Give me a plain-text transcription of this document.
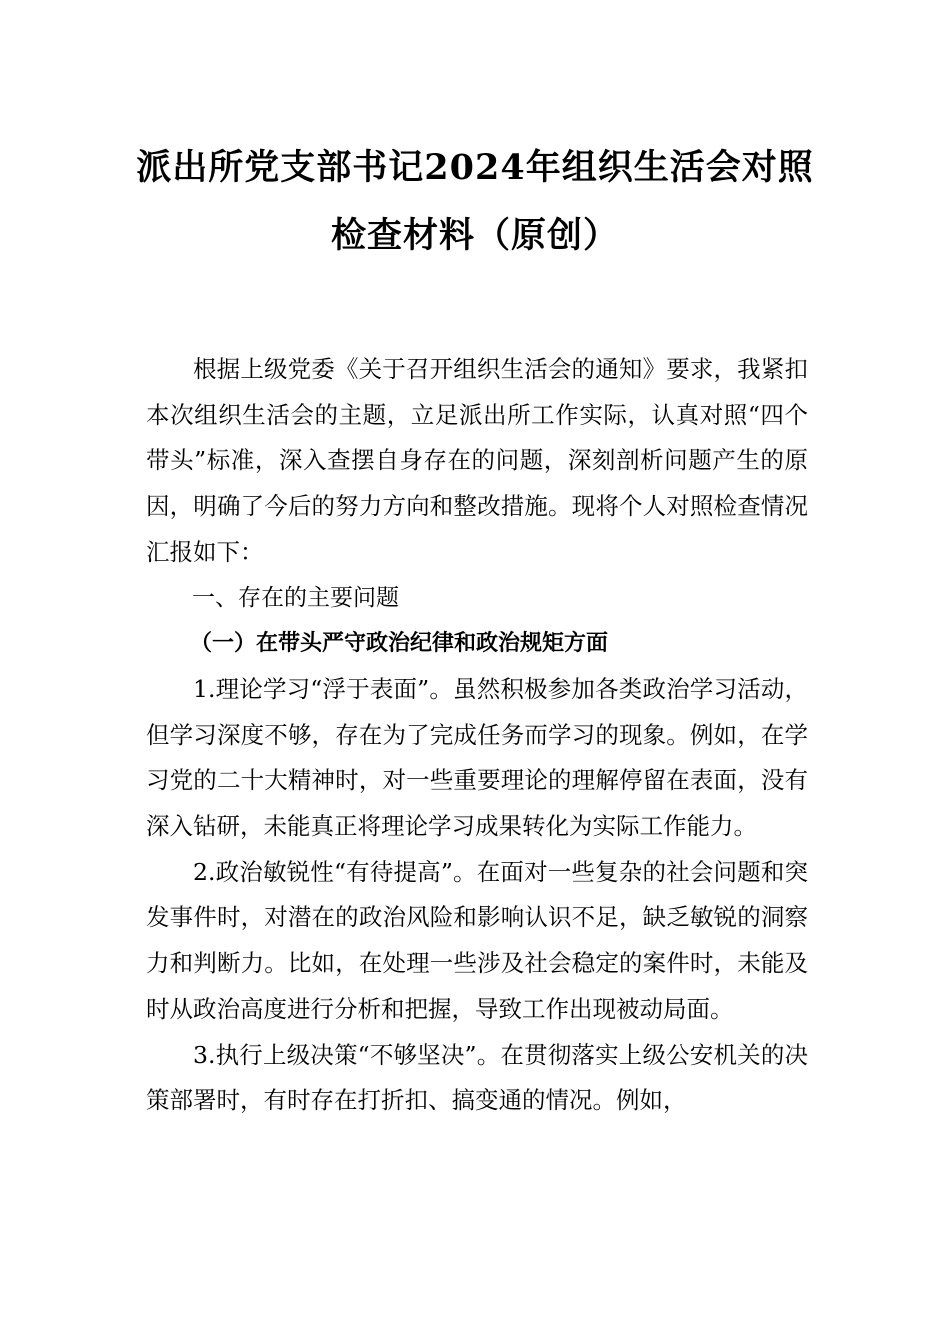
派出所党支部书记2024年组织生活会对照
检查材料（原创）

根据上级党委《关于召开组织生活会的通知》要求，我紧扣本次组织生活会的主题，立足派出所工作实际，认真对照“四个带头”标准，深入查摆自身存在的问题，深刻剖析问题产生的原因，明确了今后的努力方向和整改措施。现将个人对照检查情况汇报如下：

一、存在的主要问题

（一）在带头严守政治纪律和政治规矩方面

1.理论学习“浮于表面”。虽然积极参加各类政治学习活动，但学习深度不够，存在为了完成任务而学习的现象。例如，在学习党的二十大精神时，对一些重要理论的理解停留在表面，没有深入钻研，未能真正将理论学习成果转化为实际工作能力。

2.政治敏锐性“有待提高”。在面对一些复杂的社会问题和突发事件时，对潜在的政治风险和影响认识不足，缺乏敏锐的洞察力和判断力。比如，在处理一些涉及社会稳定的案件时，未能及时从政治高度进行分析和把握，导致工作出现被动局面。

3.执行上级决策“不够坚决”。在贯彻落实上级公安机关的决策部署时，有时存在打折扣、搞变通的情况。例如，
